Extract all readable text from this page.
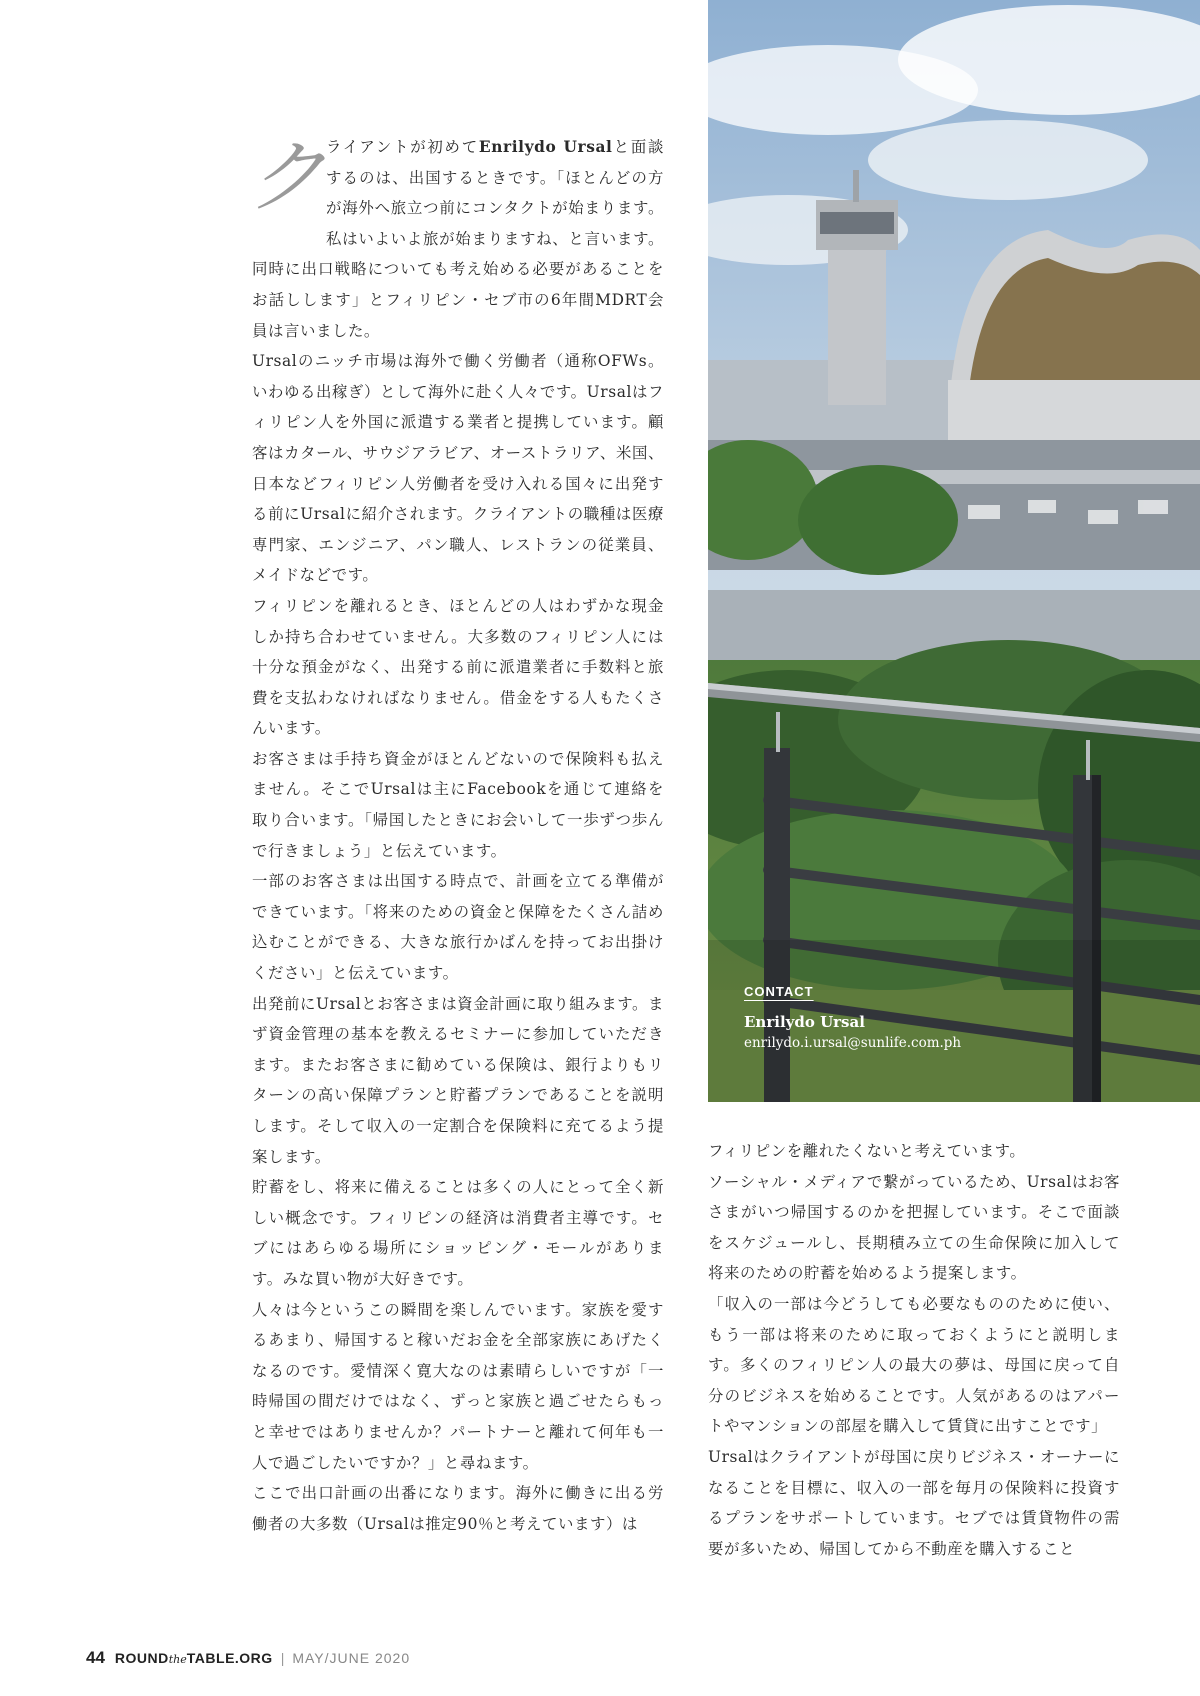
ク ライアントが初めてEnrilydo Ursalと面談するのは、出国するときです。「ほとんどの方が海外へ旅立つ前にコンタクトが始まります。私はいよいよ旅が始まりますね、と言います。同時に出口戦略についても考え始める必要があることをお話しします」とフィリピン・セブ市の6年間MDRT会員は言いました。

Ursalのニッチ市場は海外で働く労働者（通称OFWs。いわゆる出稼ぎ）として海外に赴く人々です。Ursalはフィリピン人を外国に派遣する業者と提携しています。顧客はカタール、サウジアラビア、オーストラリア、米国、日本などフィリピン人労働者を受け入れる国々に出発する前にUrsalに紹介されます。クライアントの職種は医療専門家、エンジニア、パン職人、レストランの従業員、メイドなどです。

フィリピンを離れるとき、ほとんどの人はわずかな現金しか持ち合わせていません。大多数のフィリピン人には十分な預金がなく、出発する前に派遣業者に手数料と旅費を支払わなければなりません。借金をする人もたくさんいます。

お客さまは手持ち資金がほとんどないので保険料も払えません。そこでUrsalは主にFacebookを通じて連絡を取り合います。「帰国したときにお会いして一歩ずつ歩んで行きましょう」と伝えています。

一部のお客さまは出国する時点で、計画を立てる準備ができています。「将来のための資金と保障をたくさん詰め込むことができる、大きな旅行かばんを持ってお出掛けください」と伝えています。

出発前にUrsalとお客さまは資金計画に取り組みます。まず資金管理の基本を教えるセミナーに参加していただきます。またお客さまに勧めている保険は、銀行よりもリターンの高い保障プランと貯蓄プランであることを説明します。そして収入の一定割合を保険料に充てるよう提案します。

貯蓄をし、将来に備えることは多くの人にとって全く新しい概念です。フィリピンの経済は消費者主導です。セブにはあらゆる場所にショッピング・モールがあります。みな買い物が大好きです。

人々は今というこの瞬間を楽しんでいます。家族を愛するあまり、帰国すると稼いだお金を全部家族にあげたくなるのです。愛情深く寛大なのは素晴らしいですが「一時帰国の間だけではなく、ずっと家族と過ごせたらもっと幸せではありませんか？パートナーと離れて何年も一人で過ごしたいですか？」と尋ねます。

ここで出口計画の出番になります。海外に働きに出る労働者の大多数（Ursalは推定90％と考えています）は

CONTACT
Enrilydo Ursal
enrilydo.i.ursal@sunlife.com.ph

フィリピンを離れたくないと考えています。

ソーシャル・メディアで繋がっているため、Ursalはお客さまがいつ帰国するのかを把握しています。そこで面談をスケジュールし、長期積み立ての生命保険に加入して将来のための貯蓄を始めるよう提案します。

「収入の一部は今どうしても必要なもののために使い、もう一部は将来のために取っておくようにと説明します。多くのフィリピン人の最大の夢は、母国に戻って自分のビジネスを始めることです。人気があるのはアパートやマンションの部屋を購入して賃貸に出すことです」

Ursalはクライアントが母国に戻りビジネス・オーナーになることを目標に、収入の一部を毎月の保険料に投資するプランをサポートしています。セブでは賃貸物件の需要が多いため、帰国してから不動産を購入すること

44 ROUNDtheTABLE.ORG | MAY/JUNE 2020
